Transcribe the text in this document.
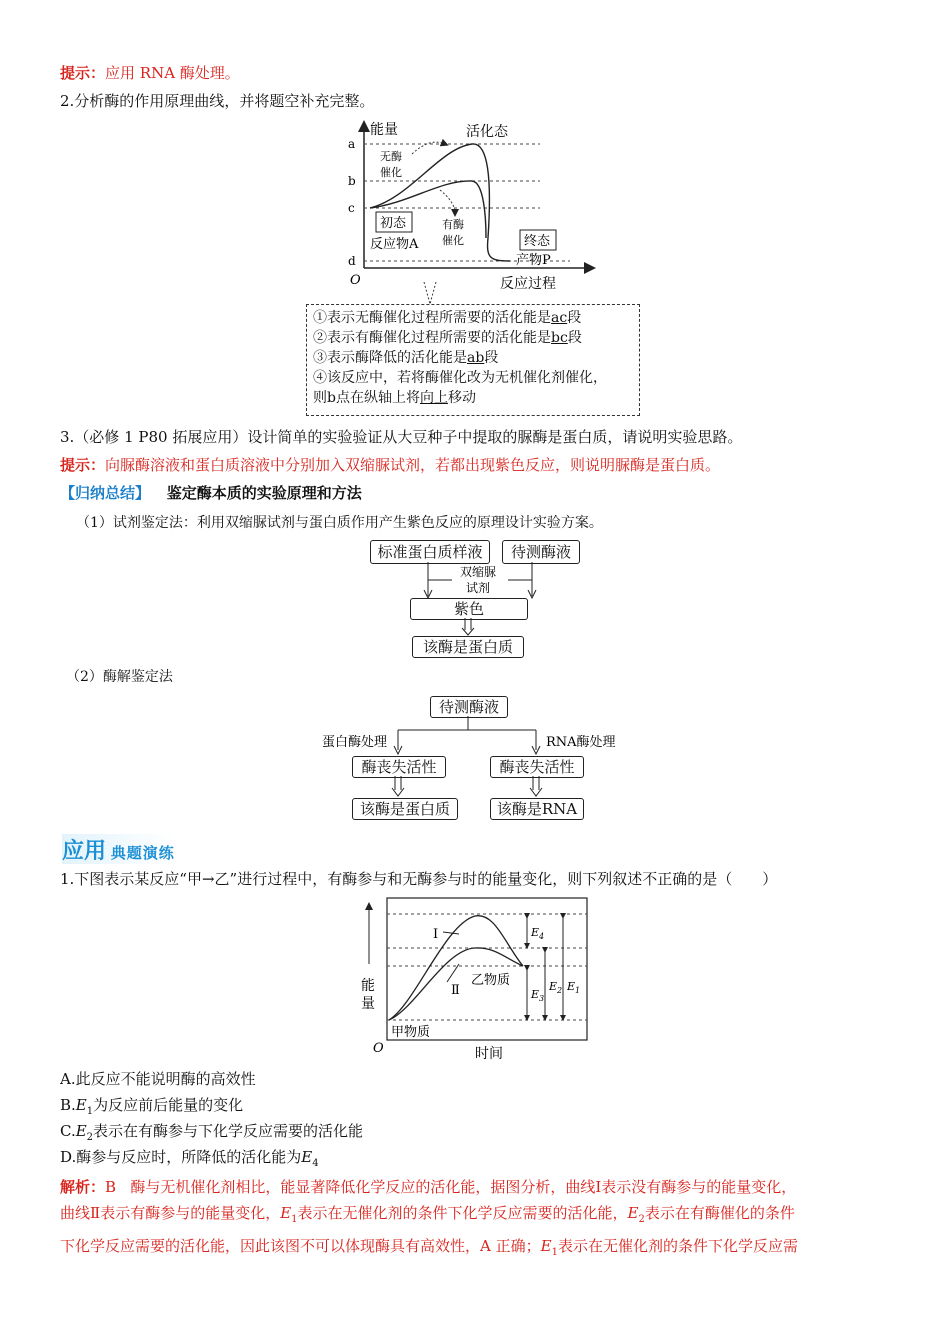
提示：应用 RNA 酶处理。
2.分析酶的作用原理曲线，并将题空补充完整。
a
b
c
d
能量
O
活化态
无酶
催化
有酶
催化
初态
反应物A	终态
产物P
反应过程
①表示无酶催化过程所需要的活化能是ac段
②表示有酶催化过程所需要的活化能是bc段
③表示酶降低的活化能是ab段
④该反应中，若将酶催化改为无机催化剂催化，
则b点在纵轴上将向上移动
3.（必修 1 P80 拓展应用）设计简单的实验验证从大豆种子中提取的脲酶是蛋白质，请说明实验思路。
提示：向脲酶溶液和蛋白质溶液中分别加入双缩脲试剂，若都出现紫色反应，则说明脲酶是蛋白质。
【归纳总结】 鉴定酶本质的实验原理和方法
（1）试剂鉴定法：利用双缩脲试剂与蛋白质作用产生紫色反应的原理设计实验方案。
标准蛋白质样液	待测酶液
双缩脲
试剂
紫色
该酶是蛋白质
（2）酶解鉴定法
待测酶液
蛋白酶处理	RNA酶处理
酶丧失活性	酶丧失活性
该酶是蛋白质	该酶是RNA
应用 典题演练
1.下图表示某反应“甲→乙”进行过程中，有酶参与和无酶参与时的能量变化，则下列叙述不正确的是（　　）
$E_4$
$E_3$
$E_2$ $E_1$
Ⅰ
Ⅱ
乙物质
甲物质
能
量
O	时间
A.此反应不能说明酶的高效性
$B.E_1$为反应前后能量的变化
$C.E_2$表示在有酶参与下化学反应需要的活化能
D.酶参与反应时，所降低的活化能为$E_4$
解析：B 酶与无机催化剂相比，能显著降低化学反应的活化能，据图分析，曲线Ⅰ表示没有酶参与的能量变化，
曲线Ⅱ表示有酶参与的能量变化，$E_1$表示在无催化剂的条件下化学反应需要的活化能，$E_2$表示在有酶催化的条件
下化学反应需要的活化能，因此该图不可以体现酶具有高效性，A 正确；$E_1$表示在无催化剂的条件下化学反应需
